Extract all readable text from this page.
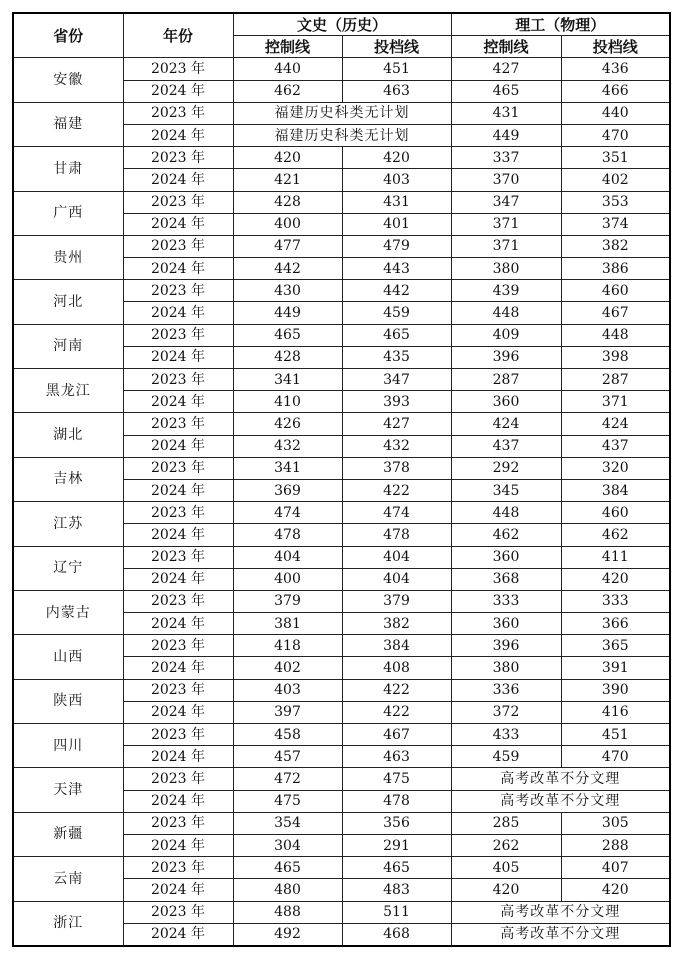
省份	年份	文史（历史）		理工（物理）	
		控制线	投档线	控制线	投档线
安徽	2023 年	440	451	427	436
	2024 年	462	463	465	466
福建	2023 年	福建历史科类无计划		431	440
	2024 年	福建历史科类无计划		449	470
甘肃	2023 年	420	420	337	351
	2024 年	421	403	370	402
广西	2023 年	428	431	347	353
	2024 年	400	401	371	374
贵州	2023 年	477	479	371	382
	2024 年	442	443	380	386
河北	2023 年	430	442	439	460
	2024 年	449	459	448	467
河南	2023 年	465	465	409	448
	2024 年	428	435	396	398
黑龙江	2023 年	341	347	287	287
	2024 年	410	393	360	371
湖北	2023 年	426	427	424	424
	2024 年	432	432	437	437
吉林	2023 年	341	378	292	320
	2024 年	369	422	345	384
江苏	2023 年	474	474	448	460
	2024 年	478	478	462	462
辽宁	2023 年	404	404	360	411
	2024 年	400	404	368	420
内蒙古	2023 年	379	379	333	333
	2024 年	381	382	360	366
山西	2023 年	418	384	396	365
	2024 年	402	408	380	391
陕西	2023 年	403	422	336	390
	2024 年	397	422	372	416
四川	2023 年	458	467	433	451
	2024 年	457	463	459	470
天津	2023 年	472	475	高考改革不分文理	
	2024 年	475	478	高考改革不分文理	
新疆	2023 年	354	356	285	305
	2024 年	304	291	262	288
云南	2023 年	465	465	405	407
	2024 年	480	483	420	420
浙江	2023 年	488	511	高考改革不分文理	
	2024 年	492	468	高考改革不分文理	
